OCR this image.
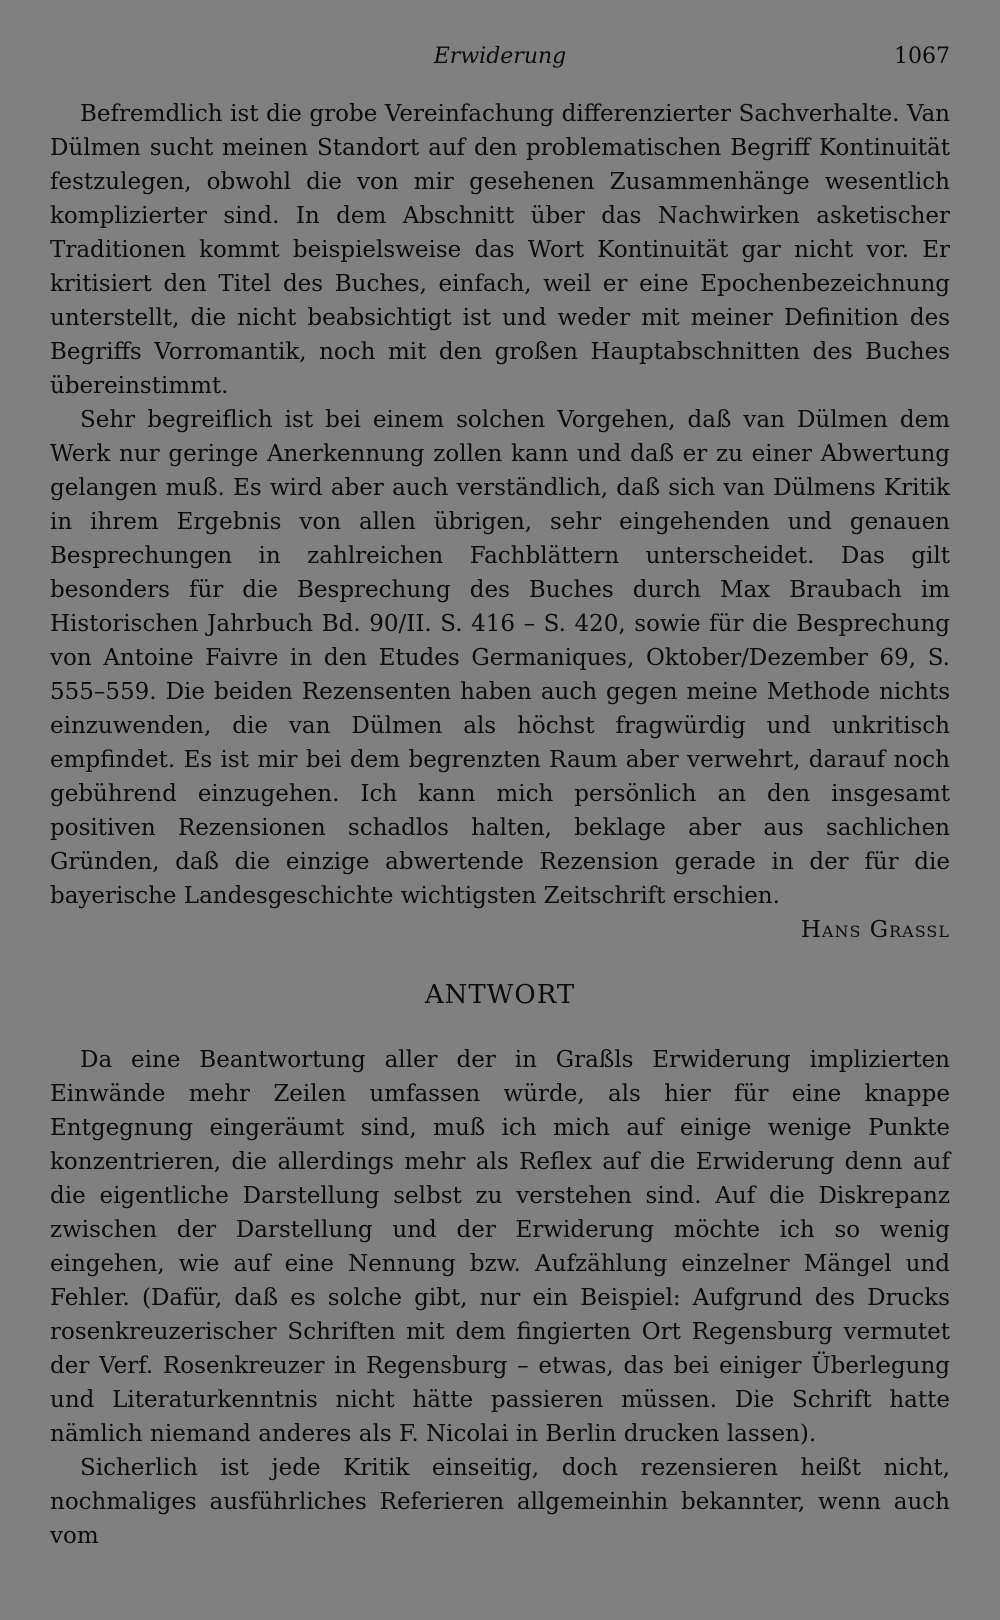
Erwiderung	1067

Befremdlich ist die grobe Vereinfachung differenzierter Sachverhalte. Van Dülmen sucht meinen Standort auf den problematischen Begriff Kontinuität festzulegen, obwohl die von mir gesehenen Zusammenhänge wesentlich komplizierter sind. In dem Abschnitt über das Nachwirken asketischer Traditionen kommt beispielsweise das Wort Kontinuität gar nicht vor. Er kritisiert den Titel des Buches, einfach, weil er eine Epochenbezeichnung unterstellt, die nicht beabsichtigt ist und weder mit meiner Definition des Begriffs Vorromantik, noch mit den großen Hauptabschnitten des Buches übereinstimmt.

Sehr begreiflich ist bei einem solchen Vorgehen, daß van Dülmen dem Werk nur geringe Anerkennung zollen kann und daß er zu einer Abwertung gelangen muß. Es wird aber auch verständlich, daß sich van Dülmens Kritik in ihrem Ergebnis von allen übrigen, sehr eingehenden und genauen Besprechungen in zahlreichen Fachblättern unterscheidet. Das gilt besonders für die Besprechung des Buches durch Max Braubach im Historischen Jahrbuch Bd. 90/II. S. 416 – S. 420, sowie für die Besprechung von Antoine Faivre in den Etudes Germaniques, Oktober/Dezember 69, S. 555–559. Die beiden Rezensenten haben auch gegen meine Methode nichts einzuwenden, die van Dülmen als höchst fragwürdig und unkritisch empfindet. Es ist mir bei dem begrenzten Raum aber verwehrt, darauf noch gebührend einzugehen. Ich kann mich persönlich an den insgesamt positiven Rezensionen schadlos halten, beklage aber aus sachlichen Gründen, daß die einzige abwertende Rezension gerade in der für die bayerische Landesgeschichte wichtigsten Zeitschrift erschien.
Hans Grassl

ANTWORT

Da eine Beantwortung aller der in Graßls Erwiderung implizierten Einwände mehr Zeilen umfassen würde, als hier für eine knappe Entgegnung eingeräumt sind, muß ich mich auf einige wenige Punkte konzentrieren, die allerdings mehr als Reflex auf die Erwiderung denn auf die eigentliche Darstellung selbst zu verstehen sind. Auf die Diskrepanz zwischen der Darstellung und der Erwiderung möchte ich so wenig eingehen, wie auf eine Nennung bzw. Aufzählung einzelner Mängel und Fehler. (Dafür, daß es solche gibt, nur ein Beispiel: Aufgrund des Drucks rosenkreuzerischer Schriften mit dem fingierten Ort Regensburg vermutet der Verf. Rosenkreuzer in Regensburg – etwas, das bei einiger Überlegung und Literaturkenntnis nicht hätte passieren müssen. Die Schrift hatte nämlich niemand anderes als F. Nicolai in Berlin drucken lassen).

Sicherlich ist jede Kritik einseitig, doch rezensieren heißt nicht, nochmaliges ausführliches Referieren allgemeinhin bekannter, wenn auch vom
